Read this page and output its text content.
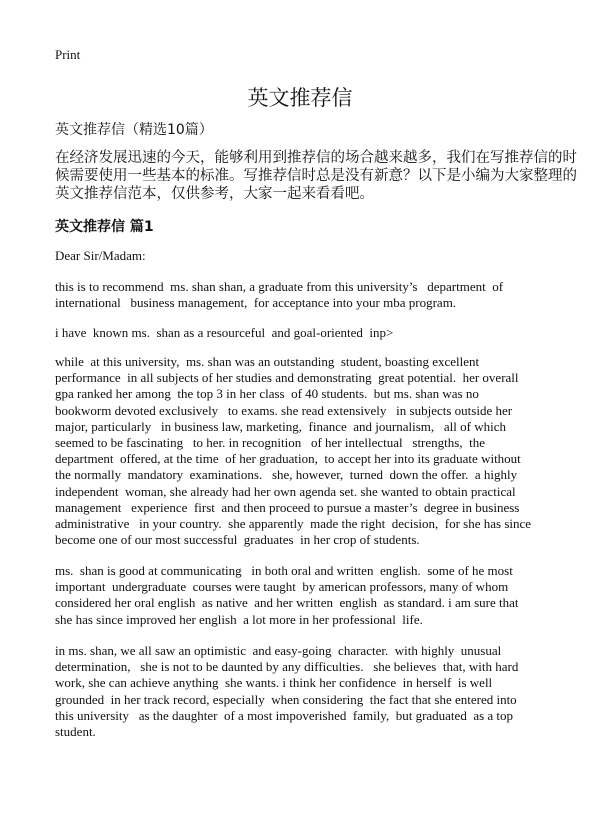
Print
英文推荐信
英文推荐信（精选10篇）
在经济发展迅速的今天，能够利用到推荐信的场合越来越多，我们在写推荐信的时
候需要使用一些基本的标准。写推荐信时总是没有新意？以下是小编为大家整理的
英文推荐信范本，仅供参考，大家一起来看看吧。
英文推荐信 篇1
Dear Sir/Madam:
this is to recommend  ms. shan shan, a graduate from this university’s   department  of
international   business management,  for acceptance into your mba program.
i have  known ms.  shan as a resourceful  and goal-oriented  inp>
while  at this university,  ms. shan was an outstanding  student, boasting excellent
performance  in all subjects of her studies and demonstrating  great potential.  her overall
gpa ranked her among  the top 3 in her class  of 40 students.  but ms. shan was no
bookworm devoted exclusively   to exams. she read extensively   in subjects outside her
major, particularly   in business law, marketing,  finance  and journalism,   all of which
seemed to be fascinating   to her. in recognition   of her intellectual   strengths,  the
department  offered, at the time  of her graduation,  to accept her into its graduate without
the normally  mandatory  examinations.   she, however,  turned  down the offer.  a highly
independent  woman, she already had her own agenda set. she wanted to obtain practical
management   experience  first  and then proceed to pursue a master’s  degree in business
administrative   in your country.  she apparently  made the right  decision,  for she has since
become one of our most successful  graduates  in her crop of students.
ms.  shan is good at communicating   in both oral and written  english.  some of he most
important  undergraduate  courses were taught  by american professors, many of whom
considered her oral english  as native  and her written  english  as standard. i am sure that
she has since improved her english  a lot more in her professional  life.
in ms. shan, we all saw an optimistic  and easy-going  character.  with highly  unusual
determination,   she is not to be daunted by any difficulties.   she believes  that, with hard
work, she can achieve anything  she wants. i think her confidence  in herself  is well
grounded  in her track record, especially  when considering  the fact that she entered into
this university   as the daughter  of a most impoverished  family,  but graduated  as a top
student.
